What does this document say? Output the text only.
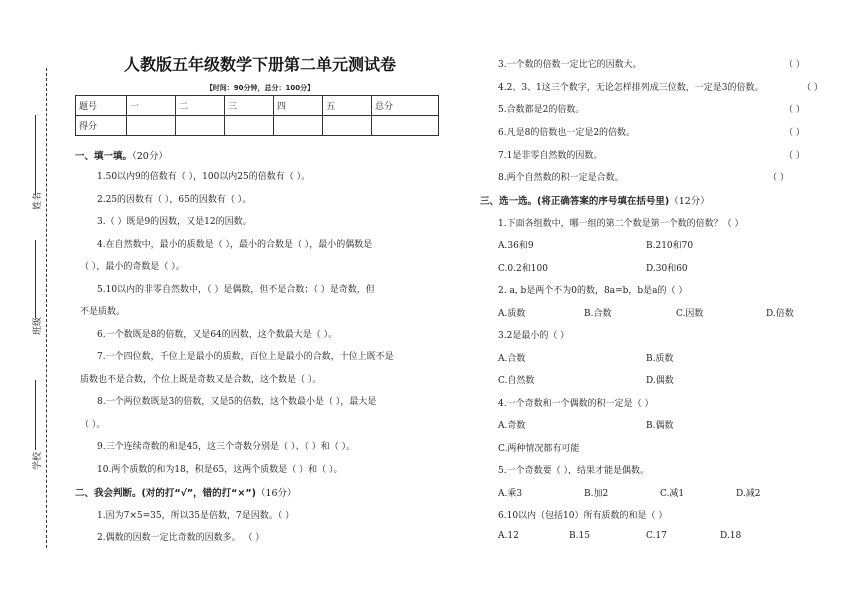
学校
班级
姓名
人教版五年级数学下册第二单元测试卷
【时间：90分钟，总分：100分】
题号	一	二	三	四	五	总分
得分						
一、填一填。（20分）
1.50以内9的倍数有（ ），100以内25的倍数有（ ）。
2.25的因数有（ ），65的因数有（ ）。
3.（ ）既是9的因数，又是12的因数。
4.在自然数中，最小的质数是（ ），最小的合数是（ ），最小的偶数是
（ ），最小的奇数是（ ）。
5.10以内的非零自然数中，（ ）是偶数，但不是合数；（ ）是奇数，但
不是质数。
6.一个数既是8的倍数，又是64的因数，这个数最大是（ ）。
7.一个四位数，千位上是最小的质数，百位上是最小的合数，十位上既不是
质数也不是合数，个位上既是奇数又是合数，这个数是（ ）。
8.一个两位数既是3的倍数，又是5的倍数，这个数最小是（ ），最大是
（ ）。
9.三个连续奇数的和是45，这三个奇数分别是（ ）、（ ）和（ ）。
10.两个质数的和为18，积是65，这两个质数是（ ）和（ ）。
二、我会判断。(对的打“√”，错的打“×”)（16分）
1.因为7×5=35，所以35是倍数，7是因数。（ ）
2.偶数的因数一定比奇数的因数多。 （ ）
3.一个数的倍数一定比它的因数大。	（ ）
4.2、3、1这三个数字，无论怎样排列成三位数，一定是3的倍数。	（ ）
5.合数都是2的倍数。	（ ）
6.凡是8的倍数也一定是2的倍数。	（ ）
7.1是非零自然数的因数。	（ ）
8.两个自然数的积一定是合数。	（ ）
三、选一选。(将正确答案的序号填在括号里)（12分）
1.下面各组数中，哪一组的第二个数是第一个数的倍数？（ ）
A.36和9	B.210和70
C.0.2和100	D.30和60
2. a, b是两个不为0的数，8a=b，b是a的（ ）
A.质数	B.合数	C.因数	D.倍数
3.2是最小的（ ）
A.合数	B.质数
C.自然数	D.偶数
4.一个奇数和一个偶数的积一定是（ ）
A.奇数	B.偶数
C.两种情况都有可能
5.一个奇数要（ ），结果才能是偶数。
A.乘3	B.加2	C.减1	D.减2
6.10以内（包括10）所有质数的和是（ ）
A.12	B.15	C.17	D.18
